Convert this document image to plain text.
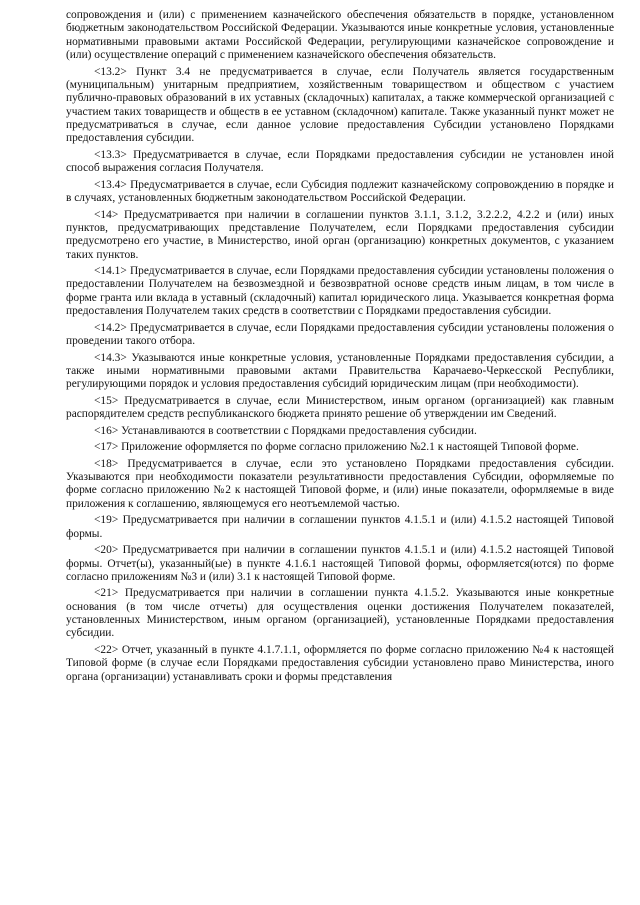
сопровождения и (или) с применением казначейского обеспечения обязательств в порядке, установленном бюджетным законодательством Российской Федерации. Указываются иные конкретные условия, установленные нормативными правовыми актами Российской Федерации, регулирующими казначейское сопровождение и (или) осуществление операций с применением казначейского обеспечения обязательств.

<13.2> Пункт 3.4 не предусматривается в случае, если Получатель является государственным (муниципальным) унитарным предприятием, хозяйственным товариществом и обществом с участием публично-правовых образований в их уставных (складочных) капиталах, а также коммерческой организацией с участием таких товариществ и обществ в ее уставном (складочном) капитале. Также указанный пункт может не предусматриваться в случае, если данное условие предоставления Субсидии установлено Порядками предоставления субсидии.

<13.3> Предусматривается в случае, если Порядками предоставления субсидии не установлен иной способ выражения согласия Получателя.

<13.4> Предусматривается в случае, если Субсидия подлежит казначейскому сопровождению в порядке и в случаях, установленных бюджетным законодательством Российской Федерации.

<14> Предусматривается при наличии в соглашении пунктов 3.1.1, 3.1.2, 3.2.2.2, 4.2.2 и (или) иных пунктов, предусматривающих представление Получателем, если Порядками предоставления субсидии предусмотрено его участие, в Министерство, иной орган (организацию) конкретных документов, с указанием таких пунктов.

<14.1> Предусматривается в случае, если Порядками предоставления субсидии установлены положения о предоставлении Получателем на безвозмездной и безвозвратной основе средств иным лицам, в том числе в форме гранта или вклада в уставный (складочный) капитал юридического лица. Указывается конкретная форма предоставления Получателем таких средств в соответствии с Порядками предоставления субсидии.

<14.2> Предусматривается в случае, если Порядками предоставления субсидии установлены положения о проведении такого отбора.

<14.3> Указываются иные конкретные условия, установленные Порядками предоставления субсидии, а также иными нормативными правовыми актами Правительства Карачаево-Черкесской Республики, регулирующими порядок и условия предоставления субсидий юридическим лицам (при необходимости).

<15> Предусматривается в случае, если Министерством, иным органом (организацией) как главным распорядителем средств республиканского бюджета принято решение об утверждении им Сведений.

<16> Устанавливаются в соответствии с Порядками предоставления субсидии.

<17> Приложение оформляется по форме согласно приложению №2.1 к настоящей Типовой форме.

<18> Предусматривается в случае, если это установлено Порядками предоставления субсидии. Указываются при необходимости показатели результативности предоставления Субсидии, оформляемые по форме согласно приложению №2 к настоящей Типовой форме, и (или) иные показатели, оформляемые в виде приложения к соглашению, являющемуся его неотъемлемой частью.

<19> Предусматривается при наличии в соглашении пунктов 4.1.5.1 и (или) 4.1.5.2 настоящей Типовой формы.

<20> Предусматривается при наличии в соглашении пунктов 4.1.5.1 и (или) 4.1.5.2 настоящей Типовой формы. Отчет(ы), указанный(ые) в пункте 4.1.6.1 настоящей Типовой формы, оформляется(ются) по форме согласно приложениям №3 и (или) 3.1 к настоящей Типовой форме.

<21> Предусматривается при наличии в соглашении пункта 4.1.5.2. Указываются иные конкретные основания (в том числе отчеты) для осуществления оценки достижения Получателем показателей, установленных Министерством, иным органом (организацией), установленные Порядками предоставления субсидии.

<22> Отчет, указанный в пункте 4.1.7.1.1, оформляется по форме согласно приложению №4 к настоящей Типовой форме (в случае если Порядками предоставления субсидии установлено право Министерства, иного органа (организации) устанавливать сроки и формы представления
